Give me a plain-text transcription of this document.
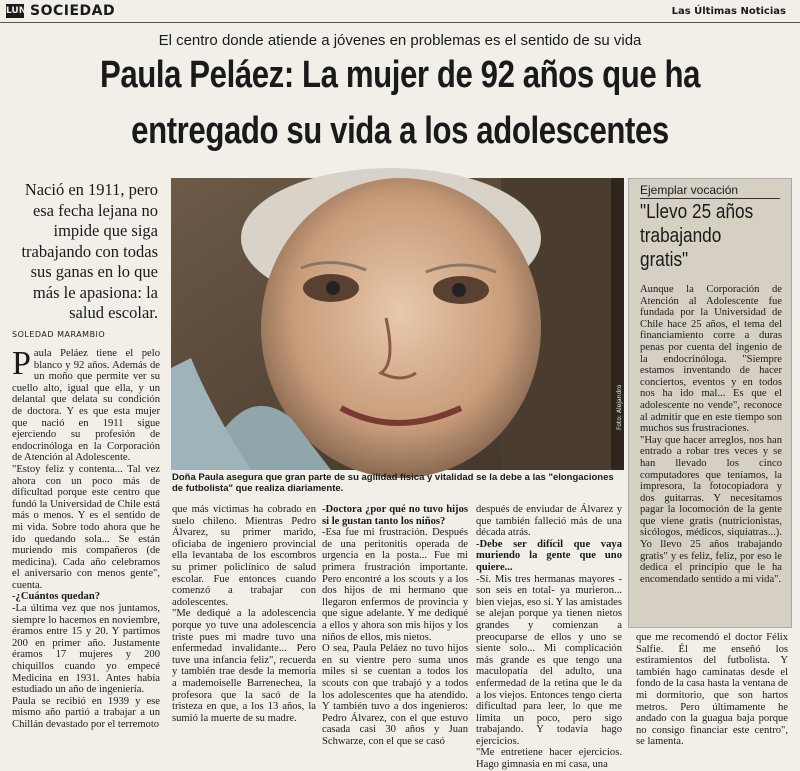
LUN SOCIEDAD	Las Últimas Noticias
El centro donde atiende a jóvenes en problemas es el sentido de su vida
Paula Peláez: La mujer de 92 años que ha
entregado su vida a los adolescentes
Nació en 1911, pero esa fecha lejana no impide que siga trabajando con todas sus ganas en lo que más le apasiona: la salud escolar.
SOLEDAD MARAMBIO

Paula Peláez tiene el pelo blanco y 92 años. Además de un moño que permite ver su cuello alto, igual que ella, y un delantal que delata su condición de doctora. Y es que esta mujer que nació en 1911 sigue ejerciendo su profesión de endocrinóloga en la Corporación de Atención al Adolescente.

"Estoy feliz y contenta... Tal vez ahora con un poco más de dificultad porque este centro que fundó la Universidad de Chile está más o menos. Y es el sentido de mi vida. Sobre todo ahora que he ido quedando sola... Se están muriendo mis compañeros (de medicina). Cada año celebramos el aniversario con menos gente", cuenta.

-¿Cuántos quedan?

-La última vez que nos juntamos, siempre lo hacemos en noviembre, éramos entre 15 y 20. Y partimos 200 en primer año. Justamente éramos 17 mujeres y 200 chiquillos cuando yo empecé Medicina en 1931. Antes había estudiado un año de ingeniería.

Paula se recibió en 1939 y ese mismo año partió a trabajar a un Chillán devastado por el terremoto

Foto: Alejandro
Doña Paula asegura que gran parte de su agilidad física y vitalidad se la debe a las "elongaciones de futbolista" que realiza diariamente.

que más víctimas ha cobrado en suelo chileno. Mientras Pedro Álvarez, su primer marido, oficiaba de ingeniero provincial ella levantaba de los escombros su primer policlínico de salud escolar. Fue entonces cuando comenzó a trabajar con adolescentes.

"Me dediqué a la adolescencia porque yo tuve una adolescencia triste pues mi madre tuvo una enfermedad invalidante... Pero tuve una infancia feliz", recuerda y también trae desde la memoria a mademoiselle Barrenechea, la profesora que la sacó de la tristeza en que, a los 13 años, la sumió la muerte de su madre.

-Doctora ¿por qué no tuvo hijos si le gustan tanto los niños?

-Esa fue mi frustración. Después de una peritonitis operada de urgencia en la posta... Fue mi primera frustración importante. Pero encontré a los scouts y a los dos hijos de mi hermano que llegaron enfermos de provincia y que sigue adelante. Y me dediqué a ellos y ahora son mis hijos y los niños de ellos, mis nietos.

O sea, Paula Peláez no tuvo hijos en su vientre pero suma unos miles si se cuentan a todos los scouts con que trabajó y a todos los adolescentes que ha atendido. Y también tuvo a dos ingenieros: Pedro Álvarez, con el que estuvo casada casi 30 años y Juan Schwarze, con el que se casó

después de enviudar de Álvarez y que también falleció más de una década atrás.

-Debe ser difícil que vaya muriendo la gente que uno quiere...

-Sí. Mis tres hermanas mayores -son seis en total- ya murieron... bien viejas, eso sí. Y las amistades se alejan porque ya tienen nietos grandes y comienzan a preocuparse de ellos y uno se siente solo... Mi complicación más grande es que tengo una maculopatía del adulto, una enfermedad de la retina que le da a los viejos. Entonces tengo cierta dificultad para leer, lo que me limita un poco, pero sigo trabajando. Y todavía hago ejercicios.

"Me entretiene hacer ejercicios. Hago gimnasia en mi casa, una

Ejemplar vocación
"Llevo 25 años trabajando gratis"

Aunque la Corporación de Atención al Adolescente fue fundada por la Universidad de Chile hace 25 años, el tema del financiamiento corre a duras penas por cuenta del ingenio de la endocrinóloga. "Siempre estamos inventando de hacer conciertos, eventos y en todos nos ha ido mal... Es que el adolescente no vende", reconoce al admitir que en este tiempo son muchos sus frustraciones.

"Hay que hacer arreglos, nos han entrado a robar tres veces y se han llevado los cinco computadores que teníamos, la impresora, la fotocopiadora y dos guitarras. Y necesitamos pagar la locomoción de la gente que viene gratis (nutricionistas, sicólogos, médicos, siquiatras...). Yo llevo 25 años trabajando gratis" y es feliz, feliz, por eso le dedica el principio que le ha encomendado sentido a mi vida".

que me recomendó el doctor Félix Salfie. Él me enseñó los estiramientos del futbolista. Y también hago caminatas desde el fondo de la casa hasta la ventana de mi dormitorio, que son hartos metros. Pero últimamente he andado con la guagua baja porque no consigo financiar este centro", se lamenta.
